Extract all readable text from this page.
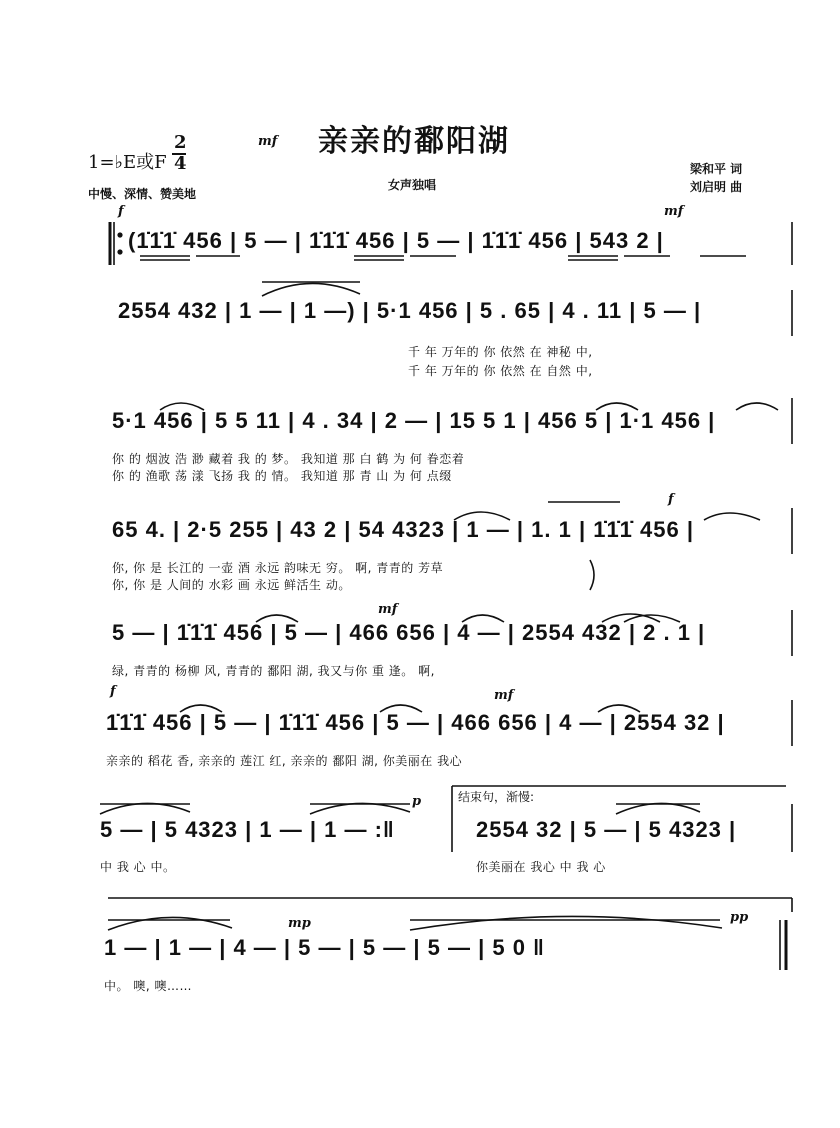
亲亲的鄱阳湖
mf
1=♭E或F
2
4
中慢、深情、赞美地
女声独唱
梁和平 词
刘启明 曲
f	mf
(1̇1̇1̇ 456 | 5 — | 1̇1̇1̇ 456 | 5 — | 1̇1̇1̇ 456 | 543 2 |
2554 432 | 1 — | 1 —) | 5·1 456 | 5 . 65 | 4 . 11 | 5 — |
千 年 万年的 你 依然 在 神秘 中,
千 年 万年的 你 依然 在 自然 中,
5·1 456 | 5 5 11 | 4 . 34 | 2 — | 15 5 1 | 456 5 | 1·1 456 |
你 的 烟波 浩 渺 藏着 我 的 梦。 我知道 那 白 鹤 为 何 眷恋着
你 的 渔歌 荡 漾 飞扬 我 的 情。 我知道 那 青 山 为 何 点缀
f
65 4. | 2·5 255 | 43 2 | 54 4323 | 1 — | 1. 1 | 1̇1̇1̇ 456 |
你, 你 是 长江的 一壶 酒 永远 韵味无 穷。 啊, 青青的 芳草
你, 你 是 人间的 水彩 画 永远 鲜活生 动。
mf
5 — | 1̇1̇1̇ 456 | 5 — | 466 656 | 4 — | 2554 432 | 2 . 1 |
绿, 青青的 杨柳 风, 青青的 鄱阳 湖, 我又与你 重 逢。 啊,
f	mf
1̇1̇1̇ 456 | 5 — | 1̇1̇1̇ 456 | 5 — | 466 656 | 4 — | 2554 32 |
亲亲的 稻花 香, 亲亲的 莲江 红, 亲亲的 鄱阳 湖, 你美丽在 我心
结束句，渐慢:
p
5 — | 5 4323 | 1 — | 1 — :‖	2554 32 | 5 — | 5 4323 |
中 我 心 中。	你美丽在 我心 中 我 心
mp	pp
1 — | 1 — | 4 — | 5 — | 5 — | 5 — | 5 0 ‖
中。 噢, 噢……
